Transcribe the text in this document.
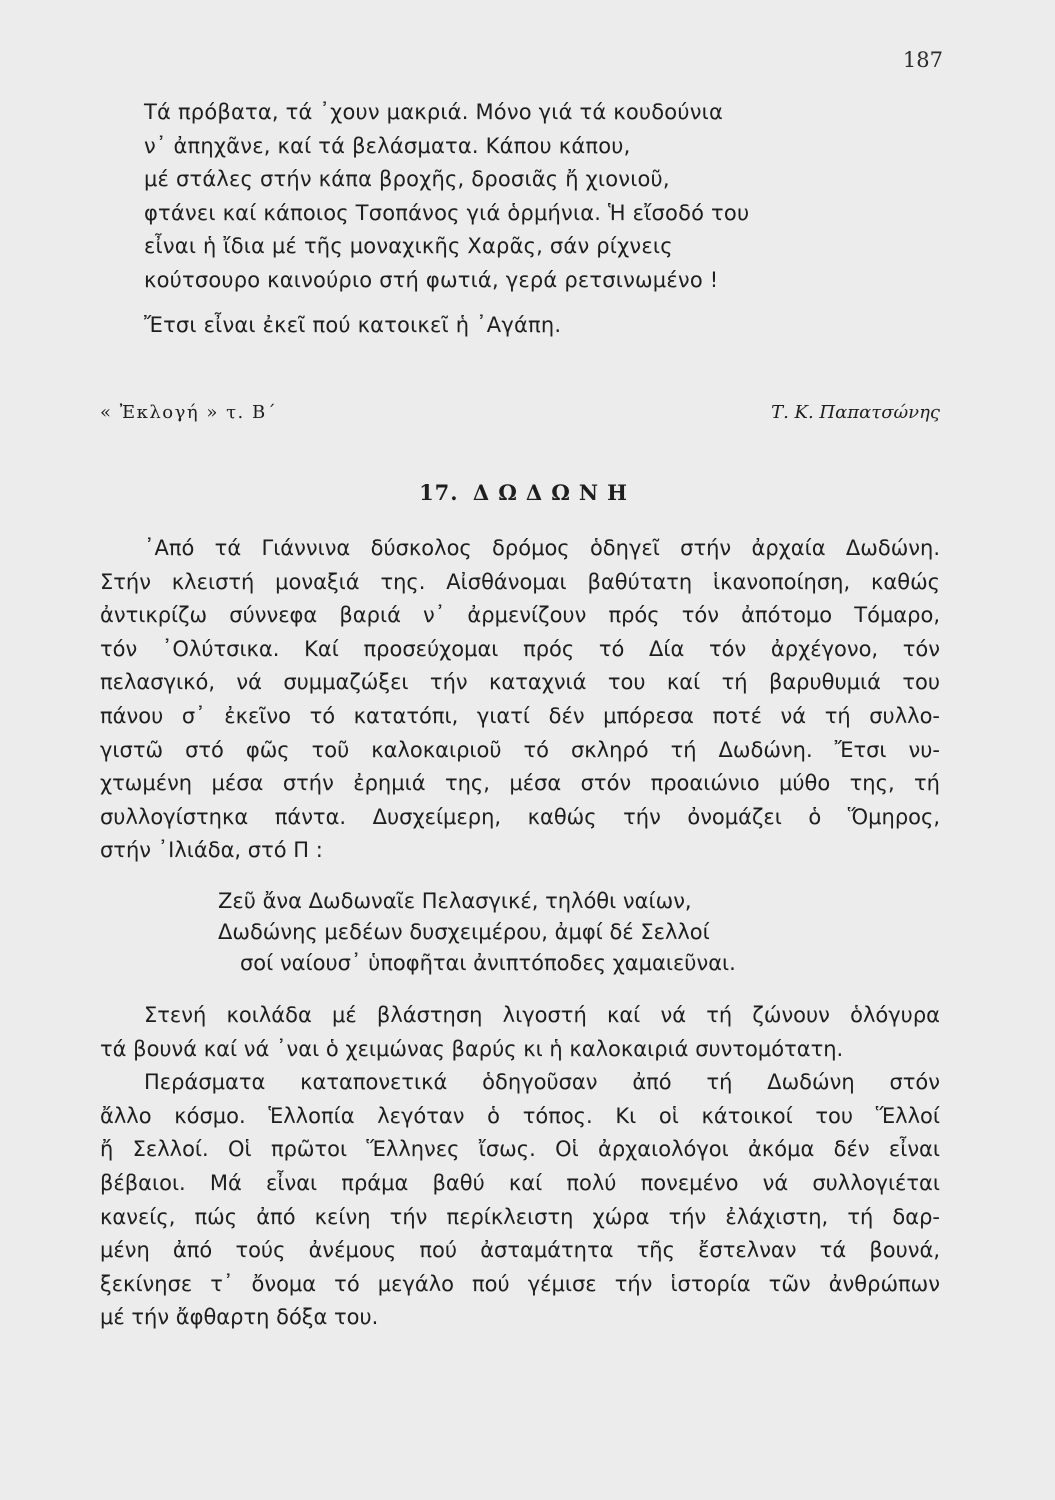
187
Τά πρόβατα, τά ᾽χουν μακριά. Μόνο γιά τά κουδούνια
ν᾽ ἀπηχᾶνε, καί τά βελάσματα. Κάπου κάπου,
μέ στάλες στήν κάπα βροχῆς, δροσιᾶς ἤ χιονιοῦ,
φτάνει καί κάποιος Τσοπάνος γιά ὁρμήνια. Ἡ εἴσοδό του
εἶναι ἡ ἴδια μέ τῆς μοναχικῆς Χαρᾶς, σάν ρίχνεις
κούτσουρο καινούριο στή φωτιά, γερά ρετσινωμένο !
Ἔτσι εἶναι ἐκεῖ πού κατοικεῖ ἡ ᾽Αγάπη.
« Ἐκλογή » τ. Β΄	Τ. Κ. Παπατσώνης
17. ΔΩΔΩΝΗ
᾽Από τά Γιάννινα δύσκολος δρόμος ὁδηγεῖ στήν ἀρχαία Δωδώνη.
Στήν κλειστή μοναξιά της. Αἰσθάνομαι βαθύτατη ἱκανοποίηση, καθώς
ἀντικρίζω σύννεφα βαριά ν᾽ ἀρμενίζουν πρός τόν ἀπότομο Τόμαρο,
τόν ᾽Ολύτσικα. Καί προσεύχομαι πρός τό Δία τόν ἀρχέγονο, τόν
πελασγικό, νά συμμαζώξει τήν καταχνιά του καί τή βαρυθυμιά του
πάνου σ᾽ ἐκεῖνο τό κατατόπι, γιατί δέν μπόρεσα ποτέ νά τή συλλο-
γιστῶ στό φῶς τοῦ καλοκαιριοῦ τό σκληρό τή Δωδώνη. Ἔτσι νυ-
χτωμένη μέσα στήν ἐρημιά της, μέσα στόν προαιώνιο μύθο της, τή
συλλογίστηκα πάντα. Δυσχείμερη, καθώς τήν ὀνομάζει ὁ Ὅμηρος,
στήν ᾽Ιλιάδα, στό Π :
Ζεῦ ἄνα Δωδωναῖε Πελασγικέ, τηλόθι ναίων,
Δωδώνης μεδέων δυσχειμέρου, ἀμφί δέ Σελλοί
σοί ναίουσ᾽ ὑποφῆται ἀνιπτόποδες χαμαιεῦναι.
Στενή κοιλάδα μέ βλάστηση λιγοστή καί νά τή ζώνουν ὁλόγυρα
τά βουνά καί νά ᾽ναι ὁ χειμώνας βαρύς κι ἡ καλοκαιριά συντομότατη.
Περάσματα καταπονετικά ὁδηγοῦσαν ἀπό τή Δωδώνη στόν
ἄλλο κόσμο. Ἑλλοπία λεγόταν ὁ τόπος. Κι οἱ κάτοικοί του Ἕλλοί
ἤ Σελλοί. Οἱ πρῶτοι Ἕλληνες ἴσως. Οἱ ἀρχαιολόγοι ἀκόμα δέν εἶναι
βέβαιοι. Μά εἶναι πράμα βαθύ καί πολύ πονεμένο νά συλλογιέται
κανείς, πώς ἀπό κείνη τήν περίκλειστη χώρα τήν ἐλάχιστη, τή δαρ-
μένη ἀπό τούς ἀνέμους πού ἀσταμάτητα τῆς ἔστελναν τά βουνά,
ξεκίνησε τ᾽ ὄνομα τό μεγάλο πού γέμισε τήν ἱστορία τῶν ἀνθρώπων
μέ τήν ἄφθαρτη δόξα του.
